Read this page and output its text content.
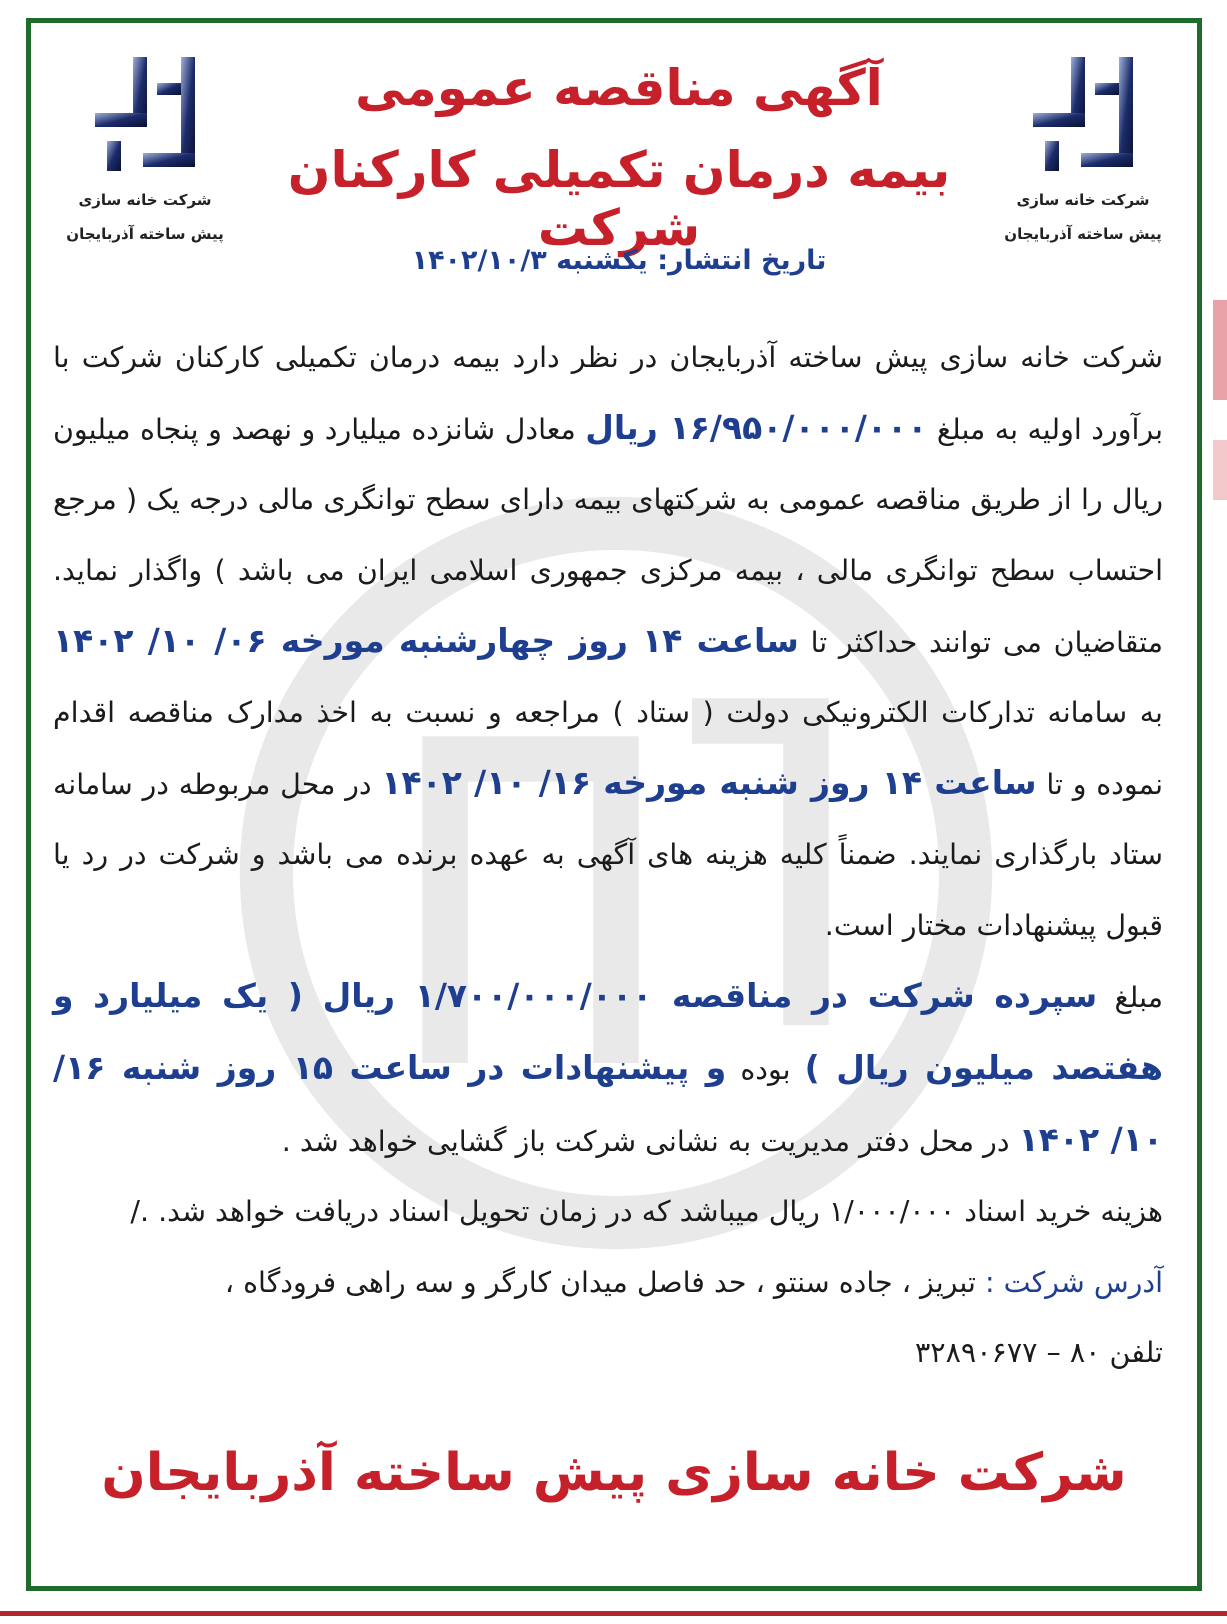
شرکت خانه سازی
پیش ساخته آذربایجان
شرکت خانه سازی
پیش ساخته آذربایجان
آگهی مناقصه عمومی
بیمه درمان تکمیلی کارکنان شرکت
تاریخ انتشار: یکشنبه ۱۴۰۲/۱۰/۳

شرکت خانه سازی پیش ساخته آذربایجان در نظر دارد بیمه درمان تکمیلی کارکنان شرکت با برآورد اولیه به مبلغ ۱۶/۹۵۰/۰۰۰/۰۰۰ ریال معادل شانزده میلیارد و نهصد و پنجاه میلیون ریال را از طریق مناقصه عمومی به شرکتهای بیمه دارای سطح توانگری مالی درجه یک ( مرجع احتساب سطح توانگری مالی ، بیمه مرکزی جمهوری اسلامی ایران می باشد ) واگذار نماید. متقاضیان می توانند حداکثر تا ساعت ۱۴ روز چهارشنبه مورخه ۰۶/ ۱۰/ ۱۴۰۲ به سامانه تدارکات الکترونیکی دولت ( ستاد ) مراجعه و نسبت به اخذ مدارک مناقصه اقدام نموده و تا ساعت ۱۴ روز شنبه مورخه ۱۶/ ۱۰/ ۱۴۰۲ در محل مربوطه در سامانه ستاد بارگذاری نمایند. ضمناً کلیه هزینه های آگهی به عهده برنده می باشد و شرکت در رد یا قبول پیشنهادات مختار است.

مبلغ سپرده شرکت در مناقصه ۱/۷۰۰/۰۰۰/۰۰۰ ریال ( یک میلیارد و هفتصد میلیون ریال ) بوده و پیشنهادات در ساعت ۱۵ روز شنبه ۱۶/ ۱۰/ ۱۴۰۲ در محل دفتر مدیریت به نشانی شرکت باز گشایی خواهد شد .

هزینه خرید اسناد ۱/۰۰۰/۰۰۰ ریال میباشد که در زمان تحویل اسناد دریافت خواهد شد. ./

آدرس شرکت : تبریز ، جاده سنتو ، حد فاصل میدان کارگر و سه راهی فرودگاه ،

تلفن ۸۰ – ۳۲۸۹۰۶۷۷

شرکت خانه سازی پیش ساخته آذربایجان
